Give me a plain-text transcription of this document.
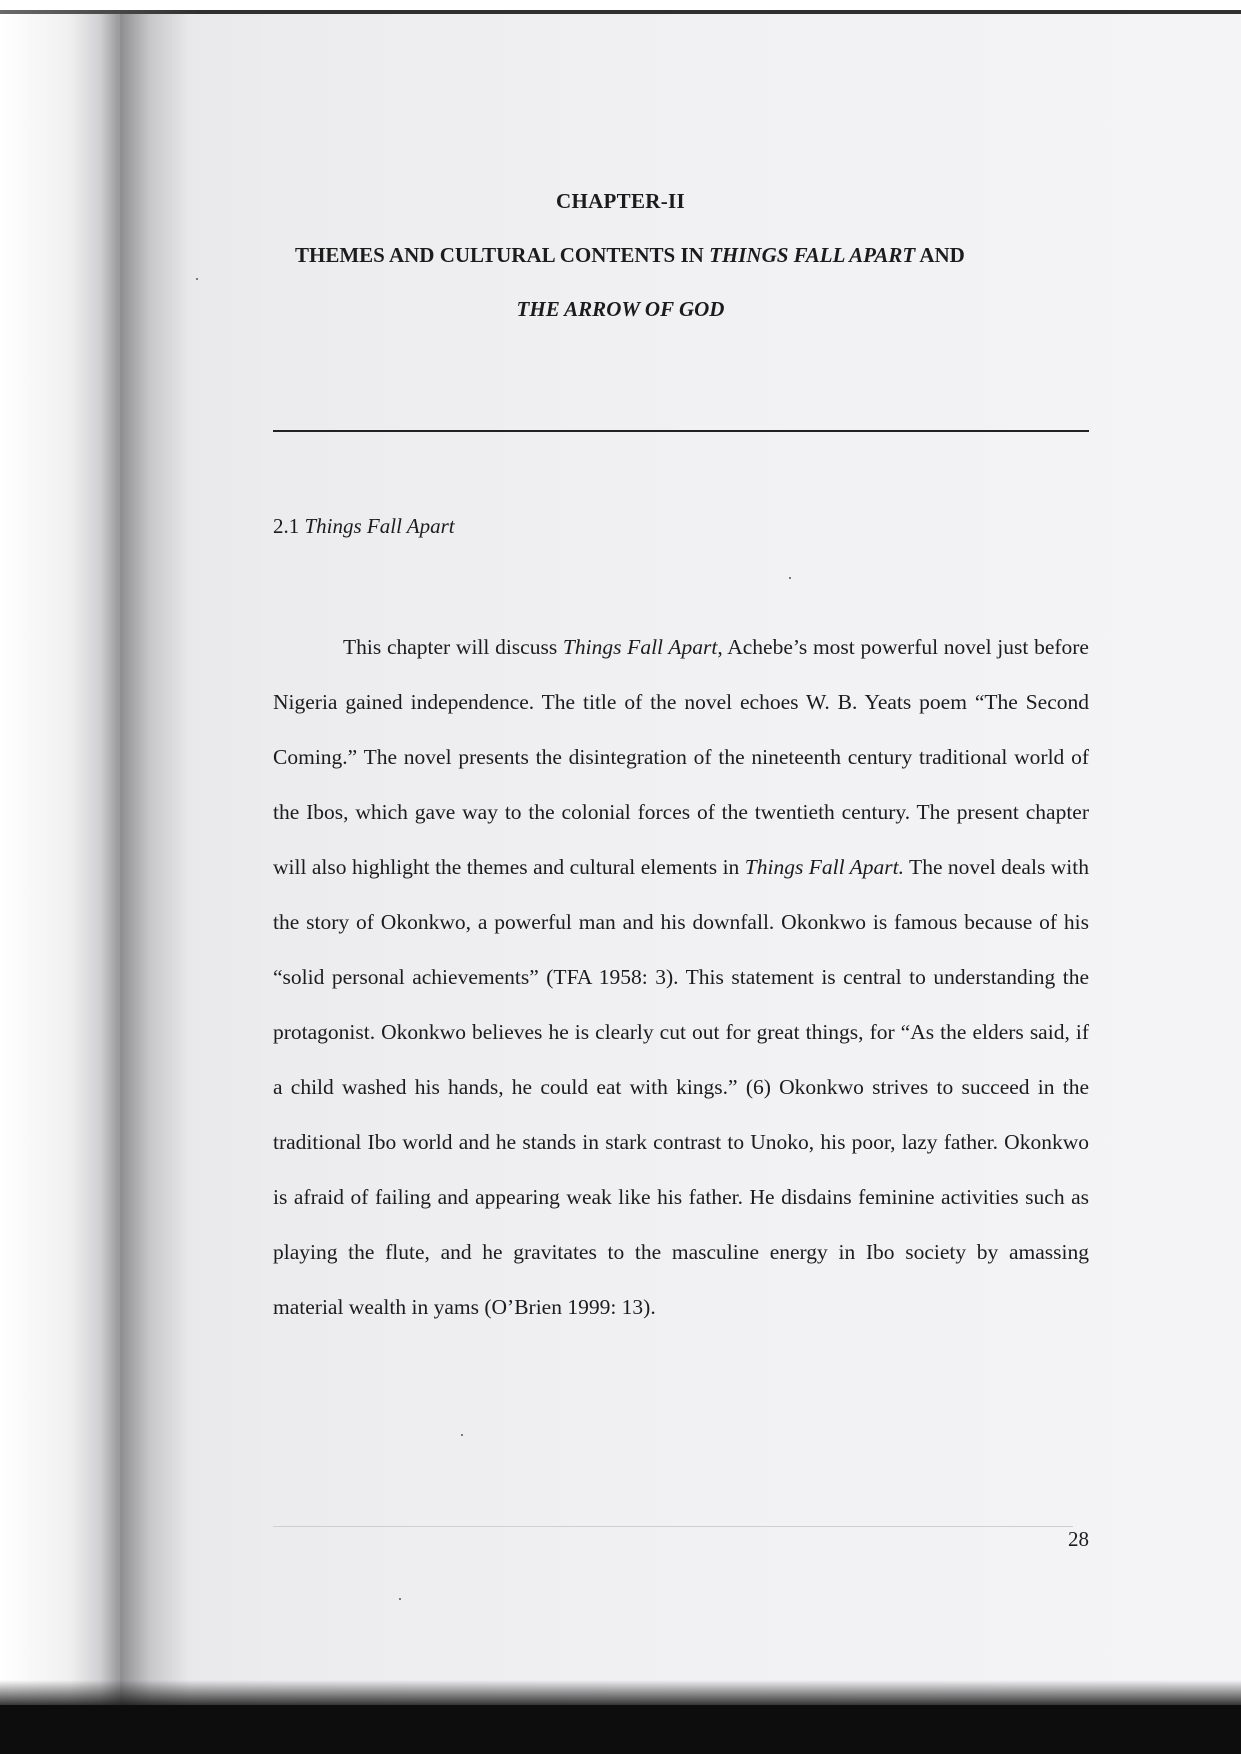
CHAPTER-II
THEMES AND CULTURAL CONTENTS IN THINGS FALL APART AND
THE ARROW OF GOD
2.1 Things Fall Apart
This chapter will discuss Things Fall Apart, Achebe’s most powerful novel just before Nigeria gained independence. The title of the novel echoes W. B. Yeats poem “The Second Coming.” The novel presents the disintegration of the nineteenth century traditional world of the Ibos, which gave way to the colonial forces of the twentieth century. The present chapter will also highlight the themes and cultural elements in Things Fall Apart. The novel deals with the story of Okonkwo, a powerful man and his downfall. Okonkwo is famous because of his “solid personal achievements” (TFA 1958: 3). This statement is central to understanding the protagonist. Okonkwo believes he is clearly cut out for great things, for “As the elders said, if a child washed his hands, he could eat with kings.” (6) Okonkwo strives to succeed in the traditional Ibo world and he stands in stark contrast to Unoko, his poor, lazy father. Okonkwo is afraid of failing and appearing weak like his father. He disdains feminine activities such as playing the flute, and he gravitates to the masculine energy in Ibo society by amassing material wealth in yams (O’Brien 1999: 13).
28
